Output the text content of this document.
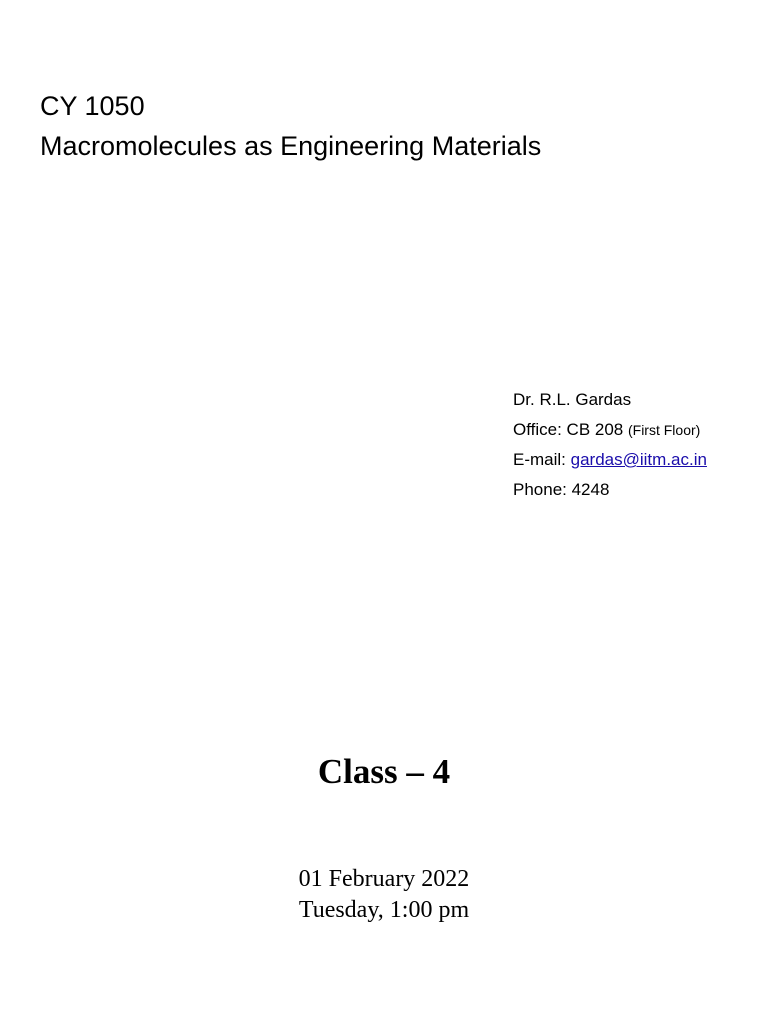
CY 1050
Macromolecules as Engineering Materials
Dr. R.L. Gardas
Office: CB 208 (First Floor)
E-mail: gardas@iitm.ac.in
Phone: 4248
Class – 4
01 February 2022
Tuesday, 1:00 pm
